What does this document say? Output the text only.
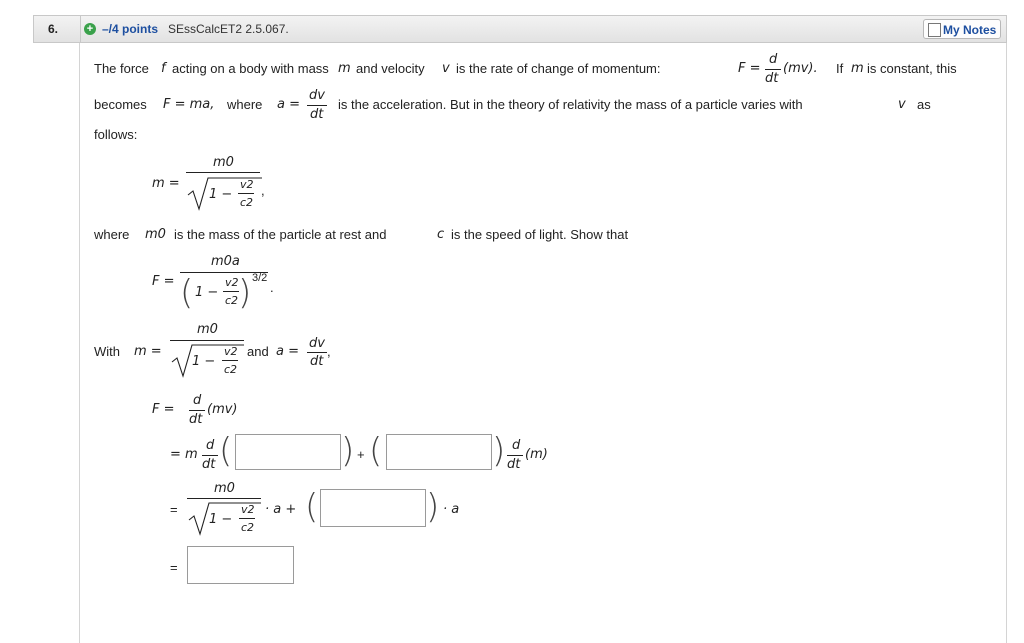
6.	+ –/4 points SEssCalcET2 2.5.067.	My Notes
The force f acting on a body with mass m and velocity v is the rate of change of momentum:	F =
d
dt
(mv). If m is constant, this
becomes F = ma, where a =
dv
dt
is the acceleration. But in the theory of relativity the mass of a particle varies with	v as
follows:
m =
m0
1 −
v2
c2
,
where m0 is the mass of the particle at rest and	c is the speed of light. Show that
F =
m0a
( 1 −
v2
c2 ) 3/2
.
With m =
m0
1 −
v2
c2
and a =
dv
dt
,
F =
d
dt
(mv)
= m
d
dt (	) + (	) d
dt
(m)
=
m0
1 −
v2
c2
· a + (	) · a
=
